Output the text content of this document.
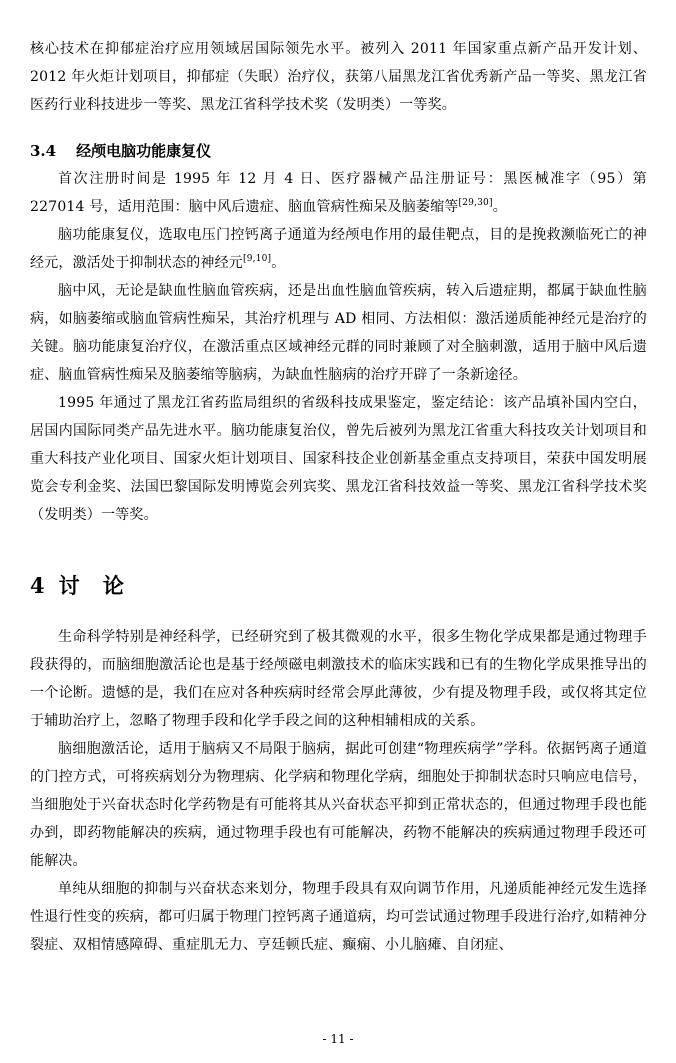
核心技术在抑郁症治疗应用领域居国际领先水平。被列入 2011 年国家重点新产品开发计划、2012 年火炬计划项目，抑郁症（失眠）治疗仪，获第八届黑龙江省优秀新产品一等奖、黑龙江省医药行业科技进步一等奖、黑龙江省科学技术奖（发明类）一等奖。

3.4 经颅电脑功能康复仪

首次注册时间是 1995 年 12 月 4 日、医疗器械产品注册证号：黑医械准字（95）第 227014 号，适用范围：脑中风后遗症、脑血管病性痴呆及脑萎缩等[29,30]。

脑功能康复仪，选取电压门控钙离子通道为经颅电作用的最佳靶点，目的是挽救濒临死亡的神经元，激活处于抑制状态的神经元[9,10]。

脑中风，无论是缺血性脑血管疾病，还是出血性脑血管疾病，转入后遗症期，都属于缺血性脑病，如脑萎缩或脑血管病性痴呆，其治疗机理与 AD 相同、方法相似：激活递质能神经元是治疗的关键。脑功能康复治疗仪，在激活重点区域神经元群的同时兼顾了对全脑刺激，适用于脑中风后遗症、脑血管病性痴呆及脑萎缩等脑病，为缺血性脑病的治疗开辟了一条新途径。

1995 年通过了黑龙江省药监局组织的省级科技成果鉴定，鉴定结论：该产品填补国内空白，居国内国际同类产品先进水平。脑功能康复治仪，曾先后被列为黑龙江省重大科技攻关计划项目和重大科技产业化项目、国家火炬计划项目、国家科技企业创新基金重点支持项目，荣获中国发明展览会专利金奖、法国巴黎国际发明博览会列宾奖、黑龙江省科技效益一等奖、黑龙江省科学技术奖（发明类）一等奖。

4 讨 论

生命科学特别是神经科学，已经研究到了极其微观的水平，很多生物化学成果都是通过物理手段获得的，而脑细胞激活论也是基于经颅磁电刺激技术的临床实践和已有的生物化学成果推导出的一个论断。遗憾的是，我们在应对各种疾病时经常会厚此薄彼，少有提及物理手段，或仅将其定位于辅助治疗上，忽略了物理手段和化学手段之间的这种相辅相成的关系。

脑细胞激活论，适用于脑病又不局限于脑病，据此可创建“物理疾病学”学科。依据钙离子通道的门控方式，可将疾病划分为物理病、化学病和物理化学病，细胞处于抑制状态时只响应电信号，当细胞处于兴奋状态时化学药物是有可能将其从兴奋状态平抑到正常状态的，但通过物理手段也能办到，即药物能解决的疾病，通过物理手段也有可能解决，药物不能解决的疾病通过物理手段还可能解决。

单纯从细胞的抑制与兴奋状态来划分，物理手段具有双向调节作用，凡递质能神经元发生选择性退行性变的疾病，都可归属于物理门控钙离子通道病，均可尝试通过物理手段进行治疗,如精神分裂症、双相情感障碍、重症肌无力、亨廷顿氏症、癫痫、小儿脑瘫、自闭症、

- 11 -
